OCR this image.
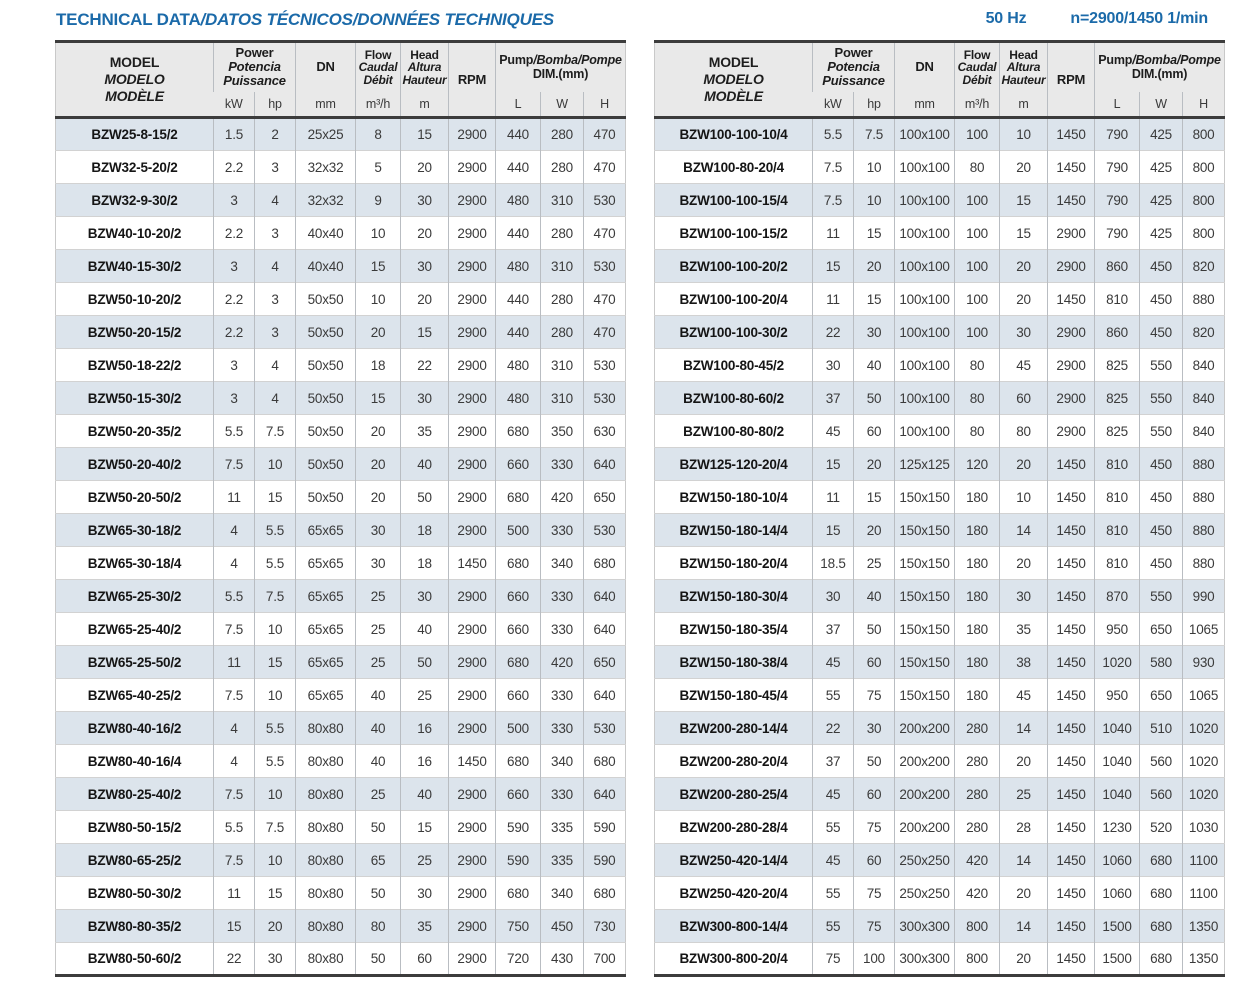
TECHNICAL DATA/DATOS TÉCNICOS/DONNÉES TECHNIQUES	50 Hz	n=2900/1450 1/min
MODEL
MODELO
MODÈLE

Power
Potencia
Puissance

DN

Flow
Caudal
Débit

Head
Altura
Hauteur	RPM	
Pump/Bomba/Pompe
DIM.(mm)

	kW	hp	mm	m³/h	m		L	W	H
BZW25-8-15/2	1.5	2	25x25	8	15	2900	440	280	470
BZW32-5-20/2	2.2	3	32x32	5	20	2900	440	280	470
BZW32-9-30/2	3	4	32x32	9	30	2900	480	310	530
BZW40-10-20/2	2.2	3	40x40	10	20	2900	440	280	470
BZW40-15-30/2	3	4	40x40	15	30	2900	480	310	530
BZW50-10-20/2	2.2	3	50x50	10	20	2900	440	280	470
BZW50-20-15/2	2.2	3	50x50	20	15	2900	440	280	470
BZW50-18-22/2	3	4	50x50	18	22	2900	480	310	530
BZW50-15-30/2	3	4	50x50	15	30	2900	480	310	530
BZW50-20-35/2	5.5	7.5	50x50	20	35	2900	680	350	630
BZW50-20-40/2	7.5	10	50x50	20	40	2900	660	330	640
BZW50-20-50/2	11	15	50x50	20	50	2900	680	420	650
BZW65-30-18/2	4	5.5	65x65	30	18	2900	500	330	530
BZW65-30-18/4	4	5.5	65x65	30	18	1450	680	340	680
BZW65-25-30/2	5.5	7.5	65x65	25	30	2900	660	330	640
BZW65-25-40/2	7.5	10	65x65	25	40	2900	660	330	640
BZW65-25-50/2	11	15	65x65	25	50	2900	680	420	650
BZW65-40-25/2	7.5	10	65x65	40	25	2900	660	330	640
BZW80-40-16/2	4	5.5	80x80	40	16	2900	500	330	530
BZW80-40-16/4	4	5.5	80x80	40	16	1450	680	340	680
BZW80-25-40/2	7.5	10	80x80	25	40	2900	660	330	640
BZW80-50-15/2	5.5	7.5	80x80	50	15	2900	590	335	590
BZW80-65-25/2	7.5	10	80x80	65	25	2900	590	335	590
BZW80-50-30/2	11	15	80x80	50	30	2900	680	340	680
BZW80-80-35/2	15	20	80x80	80	35	2900	750	450	730
BZW80-50-60/2	22	30	80x80	50	60	2900	720	430	700
MODEL
MODELO
MODÈLE

Power
Potencia
Puissance

DN

Flow
Caudal
Débit

Head
Altura
Hauteur	RPM	
Pump/Bomba/Pompe
DIM.(mm)

	kW	hp	mm	m³/h	m		L	W	H
BZW100-100-10/4	5.5	7.5	100x100	100	10	1450	790	425	800
BZW100-80-20/4	7.5	10	100x100	80	20	1450	790	425	800
BZW100-100-15/4	7.5	10	100x100	100	15	1450	790	425	800
BZW100-100-15/2	11	15	100x100	100	15	2900	790	425	800
BZW100-100-20/2	15	20	100x100	100	20	2900	860	450	820
BZW100-100-20/4	11	15	100x100	100	20	1450	810	450	880
BZW100-100-30/2	22	30	100x100	100	30	2900	860	450	820
BZW100-80-45/2	30	40	100x100	80	45	2900	825	550	840
BZW100-80-60/2	37	50	100x100	80	60	2900	825	550	840
BZW100-80-80/2	45	60	100x100	80	80	2900	825	550	840
BZW125-120-20/4	15	20	125x125	120	20	1450	810	450	880
BZW150-180-10/4	11	15	150x150	180	10	1450	810	450	880
BZW150-180-14/4	15	20	150x150	180	14	1450	810	450	880
BZW150-180-20/4	18.5	25	150x150	180	20	1450	810	450	880
BZW150-180-30/4	30	40	150x150	180	30	1450	870	550	990
BZW150-180-35/4	37	50	150x150	180	35	1450	950	650	1065
BZW150-180-38/4	45	60	150x150	180	38	1450	1020	580	930
BZW150-180-45/4	55	75	150x150	180	45	1450	950	650	1065
BZW200-280-14/4	22	30	200x200	280	14	1450	1040	510	1020
BZW200-280-20/4	37	50	200x200	280	20	1450	1040	560	1020
BZW200-280-25/4	45	60	200x200	280	25	1450	1040	560	1020
BZW200-280-28/4	55	75	200x200	280	28	1450	1230	520	1030
BZW250-420-14/4	45	60	250x250	420	14	1450	1060	680	1100
BZW250-420-20/4	55	75	250x250	420	20	1450	1060	680	1100
BZW300-800-14/4	55	75	300x300	800	14	1450	1500	680	1350
BZW300-800-20/4	75	100	300x300	800	20	1450	1500	680	1350
